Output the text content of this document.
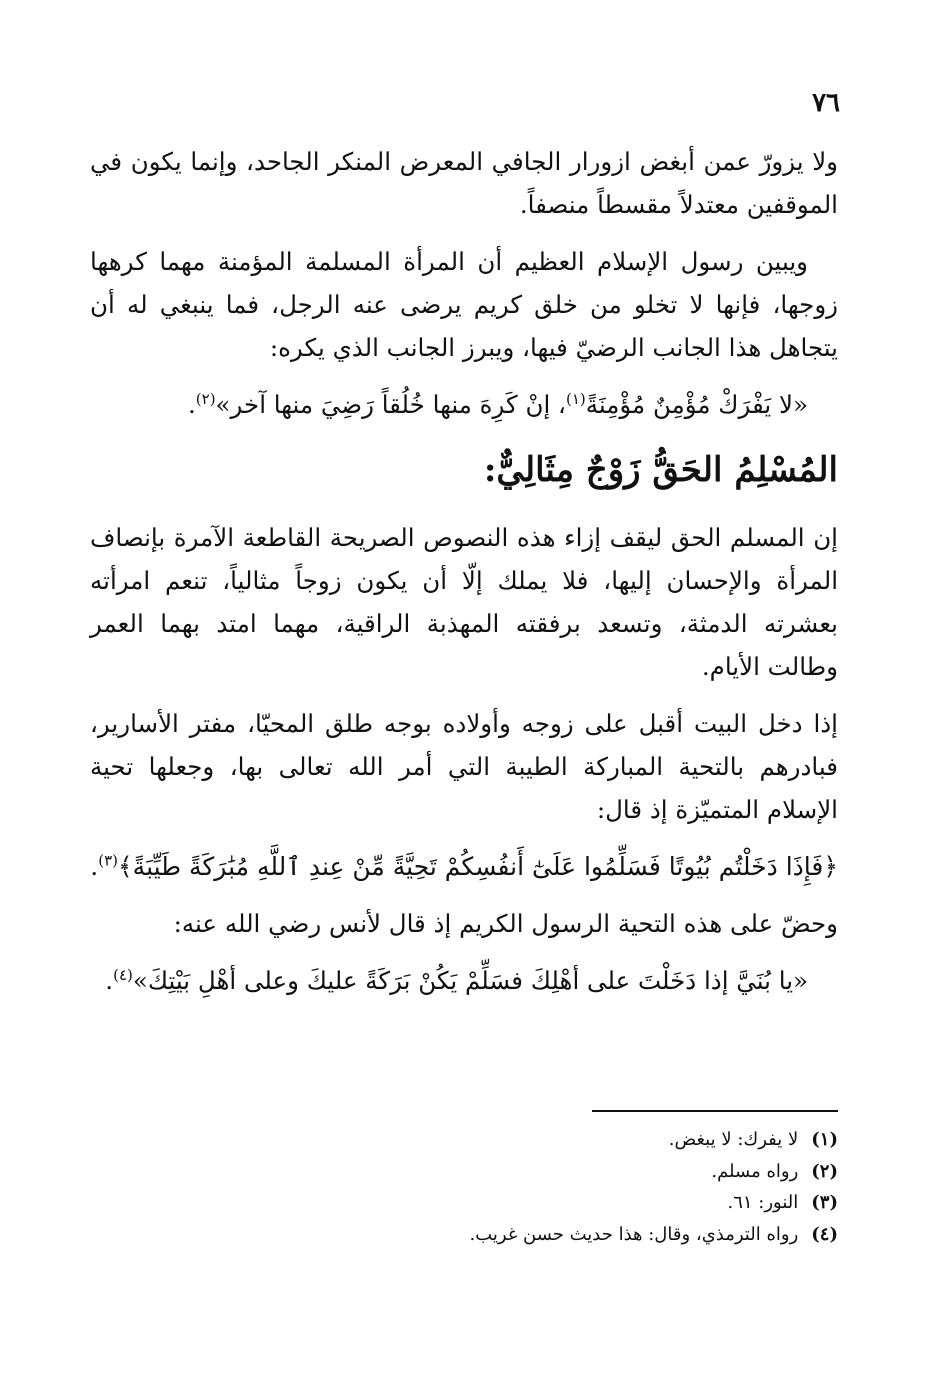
٧٦

ولا يزورّ عمن أبغض ازورار الجافي المعرض المنكر الجاحد، وإنما يكون في الموقفين معتدلاً مقسطاً منصفاً.

ويبين رسول الإسلام العظيم أن المرأة المسلمة المؤمنة مهما كرهها زوجها، فإنها لا تخلو من خلق كريم يرضى عنه الرجل، فما ينبغي له أن يتجاهل هذا الجانب الرضيّ فيها، ويبرز الجانب الذي يكره:

«لا يَفْرَكْ مُؤْمِنٌ مُؤْمِنَةً$^{(١)}$، إنْ كَرِهَ منها خُلُقاً رَضِيَ منها آخر»$^{(٢)}$.

المُسْلِمُ الحَقُّ زَوْجٌ مِثَالِيٌّ:

إن المسلم الحق ليقف إزاء هذه النصوص الصريحة القاطعة الآمرة بإنصاف المرأة والإحسان إليها، فلا يملك إلّا أن يكون زوجاً مثالياً، تنعم امرأته بعشرته الدمثة، وتسعد برفقته المهذبة الراقية، مهما امتد بهما العمر وطالت الأيام.

إذا دخل البيت أقبل على زوجه وأولاده بوجه طلق المحيّا، مفتر الأسارير، فبادرهم بالتحية المباركة الطيبة التي أمر الله تعالى بها، وجعلها تحية الإسلام المتميّزة إذ قال:

﴿فَإِذَا دَخَلْتُم بُيُوتًا فَسَلِّمُوا عَلَىٰٓ أَنفُسِكُمْ تَحِيَّةً مِّنْ عِندِ ٱللَّهِ مُبَٰرَكَةً طَيِّبَةً﴾$^{(٣)}$.

وحضّ على هذه التحية الرسول الكريم إذ قال لأنس رضي الله عنه:

«يا بُنَيَّ إذا دَخَلْتَ على أهْلِكَ فسَلِّمْ يَكُنْ بَرَكَةً عليكَ وعلى أهْلِ بَيْتِكَ»$^{(٤)}$.

(١) لا يفرك: لا يبغض.
(٢) رواه مسلم.
(٣) النور: ٦١.
(٤) رواه الترمذي، وقال: هذا حديث حسن غريب.
